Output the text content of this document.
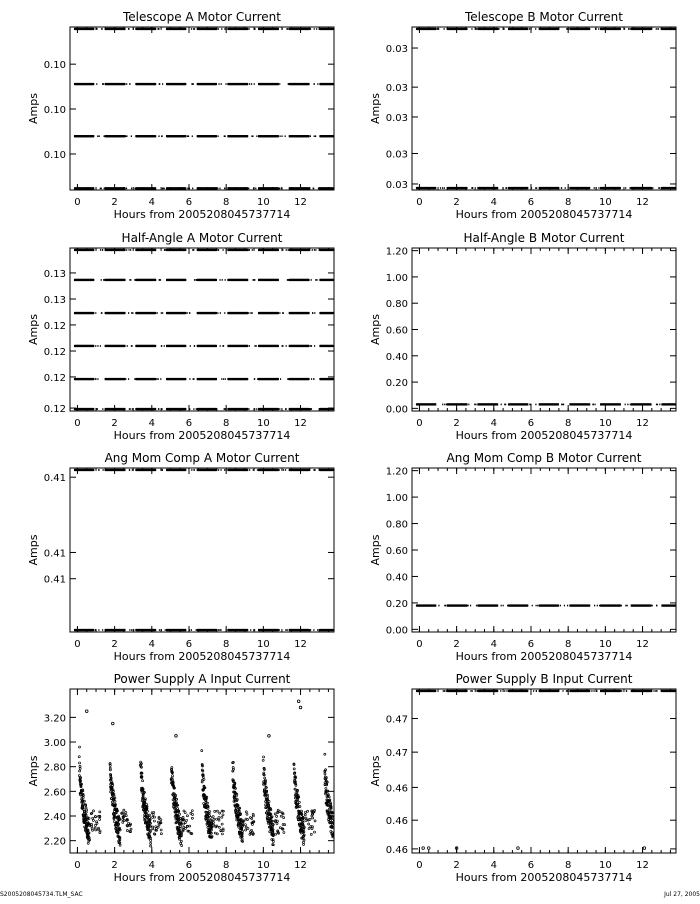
Telescope A Motor Current
Hours from 2005208045737714
Amps
0	2	4	6	8	10 12
0.10
0.10
0.10
Telescope B Motor Current
Hours from 2005208045737714
Amps
0	2	4	6	8	10 12
0.03
0.03
0.03
0.03
0.03
Half-Angle A Motor Current
Hours from 2005208045737714
Amps
0	2	4	6	8	10 12
0.13
0.13
0.12
0.12
0.12
0.12
Half-Angle B Motor Current
Hours from 2005208045737714
Amps
0	2	4	6	8	10 12
0.00
0.20
0.40
0.60
0.80
1.00
1.20
Ang Mom Comp A Motor Current
Hours from 2005208045737714
Amps
0	2	4	6	8	10 12
0.41
0.41
0.41
Ang Mom Comp B Motor Current
Hours from 2005208045737714
Amps
0	2	4	6	8	10 12
0.00
0.20
0.40
0.60
0.80
1.00
1.20
Power Supply A Input Current
Hours from 2005208045737714
Amps
0	2	4	6	8	10 12
2.20
2.40
2.60
2.80
3.00
3.20
Power Supply B Input Current
Hours from 2005208045737714
Amps
0	2	4	6	8	10 12
0.47
0.47
0.46
0.46
0.46
S2005208045734.TLM_SAC	Jul 27, 2005
